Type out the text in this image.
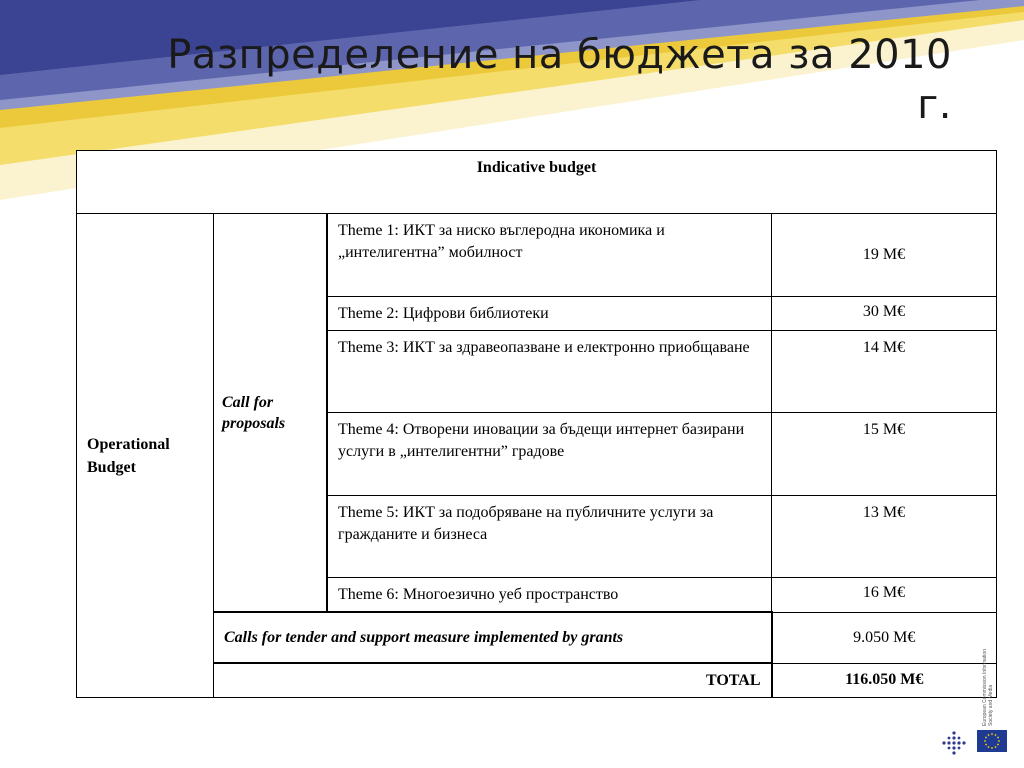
Разпределение на бюджета за 2010 г.
Indicative budget			
Operational Budget	Call for proposals	Theme 1: ИКТ за ниско въглеродна икономика и „интелигентна” мобилност	19 M€
		Theme 2: Цифрови библиотеки	30 M€
		Theme 3: ИКТ за здравеопазване и електронно приобщаване	14 M€
		Theme 4: Отворени иновации за бъдещи интернет базирани услуги в „интелигентни” градове	15 M€
		Theme 5: ИКТ за подобряване на публичните услуги за гражданите и бизнеса	13 M€
		Theme 6: Многоезично уеб пространство	16 M€
	Calls for tender and support measure implemented by grants		9.050 M€
	TOTAL		116.050 M€	European Commission Information Society and Media
